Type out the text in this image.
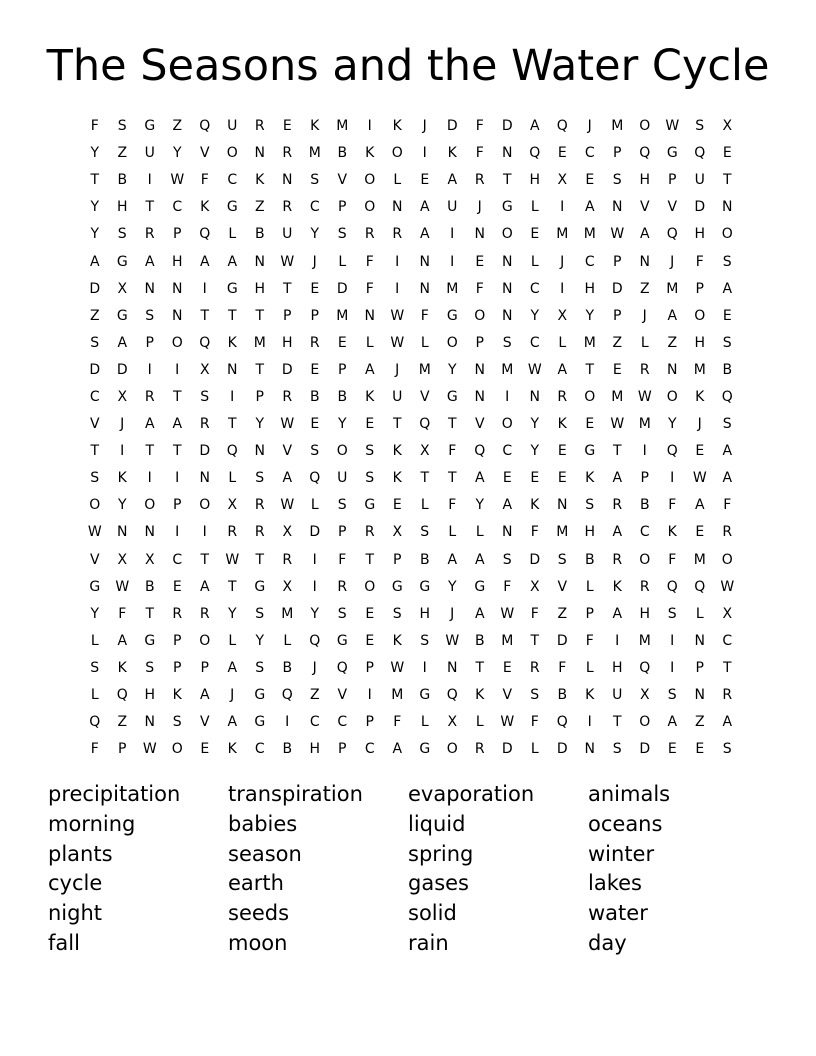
The Seasons and the Water Cycle
F	S	G	Z	Q	U	R	E	K	M	I	K	J	D	F	D	A	Q	J	M	O	W	S	X
Y	Z	U	Y	V	O	N	R	M	B	K	O	I	K	F	N	Q	E	C	P	Q	G	Q	E
T	B	I	W	F	C	K	N	S	V	O	L	E	A	R	T	H	X	E	S	H	P	U	T
Y	H	T	C	K	G	Z	R	C	P	O	N	A	U	J	G	L	I	A	N	V	V	D	N
Y	S	R	P	Q	L	B	U	Y	S	R	R	A	I	N	O	E	M	M	W	A	Q	H	O
A	G	A	H	A	A	N	W	J	L	F	I	N	I	E	N	L	J	C	P	N	J	F	S
D	X	N	N	I	G	H	T	E	D	F	I	N	M	F	N	C	I	H	D	Z	M	P	A
Z	G	S	N	T	T	T	P	P	M	N	W	F	G	O	N	Y	X	Y	P	J	A	O	E
S	A	P	O	Q	K	M	H	R	E	L	W	L	O	P	S	C	L	M	Z	L	Z	H	S
D	D	I	I	X	N	T	D	E	P	A	J	M	Y	N	M	W	A	T	E	R	N	M	B
C	X	R	T	S	I	P	R	B	B	K	U	V	G	N	I	N	R	O	M	W	O	K	Q
V	J	A	A	R	T	Y	W	E	Y	E	T	Q	T	V	O	Y	K	E	W	M	Y	J	S
T	I	T	T	D	Q	N	V	S	O	S	K	X	F	Q	C	Y	E	G	T	I	Q	E	A
S	K	I	I	N	L	S	A	Q	U	S	K	T	T	A	E	E	E	K	A	P	I	W	A
O	Y	O	P	O	X	R	W	L	S	G	E	L	F	Y	A	K	N	S	R	B	F	A	F
W	N	N	I	I	R	R	X	D	P	R	X	S	L	L	N	F	M	H	A	C	K	E	R
V	X	X	C	T	W	T	R	I	F	T	P	B	A	A	S	D	S	B	R	O	F	M	O
G	W	B	E	A	T	G	X	I	R	O	G	G	Y	G	F	X	V	L	K	R	Q	Q	W
Y	F	T	R	R	Y	S	M	Y	S	E	S	H	J	A	W	F	Z	P	A	H	S	L	X
L	A	G	P	O	L	Y	L	Q	G	E	K	S	W	B	M	T	D	F	I	M	I	N	C
S	K	S	P	P	A	S	B	J	Q	P	W	I	N	T	E	R	F	L	H	Q	I	P	T
L	Q	H	K	A	J	G	Q	Z	V	I	M	G	Q	K	V	S	B	K	U	X	S	N	R
Q	Z	N	S	V	A	G	I	C	C	P	F	L	X	L	W	F	Q	I	T	O	A	Z	A
F	P	W	O	E	K	C	B	H	P	C	A	G	O	R	D	L	D	N	S	D	E	E	S
precipitation	transpiration	evaporation	animals
morning	babies	liquid	oceans
plants	season	spring	winter
cycle	earth	gases	lakes
night	seeds	solid	water
fall	moon	rain	day
